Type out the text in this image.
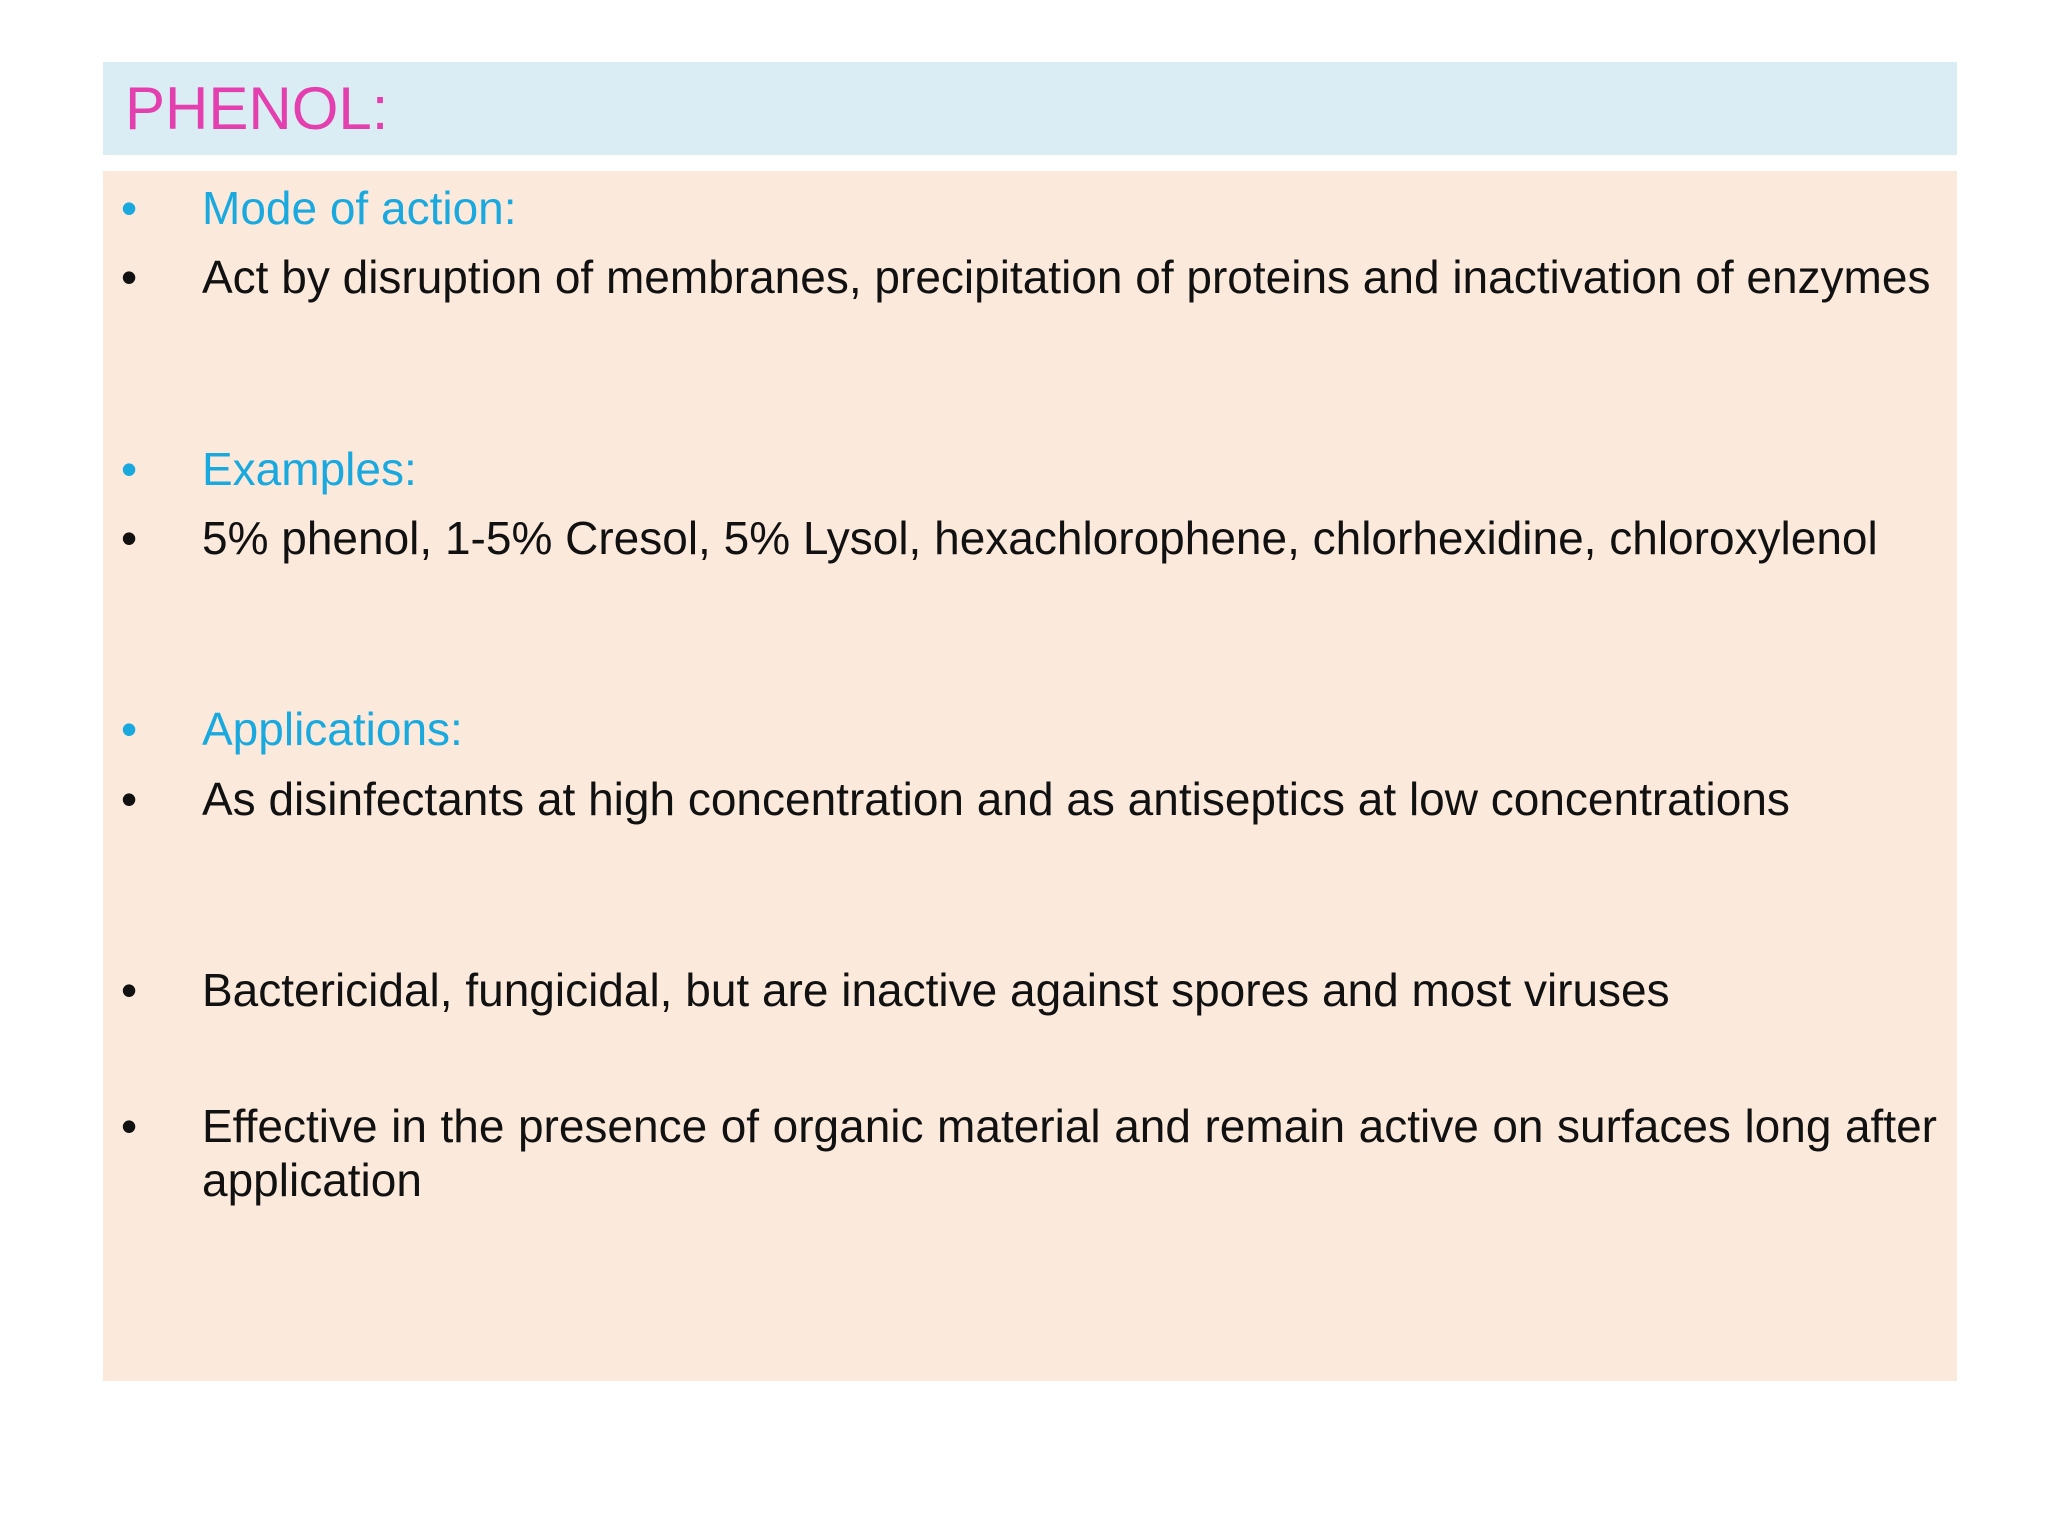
PHENOL:
• Mode of action:

• Act by disruption of membranes, precipitation of proteins and inactivation of enzymes

• Examples:

• 5% phenol, 1-5% Cresol, 5% Lysol, hexachlorophene, chlorhexidine, chloroxylenol

• Applications:

• As disinfectants at high concentration and as antiseptics at low concentrations

• Bactericidal, fungicidal, but are inactive against spores and most viruses

• Effective in the presence of organic material and remain active on surfaces long after application
